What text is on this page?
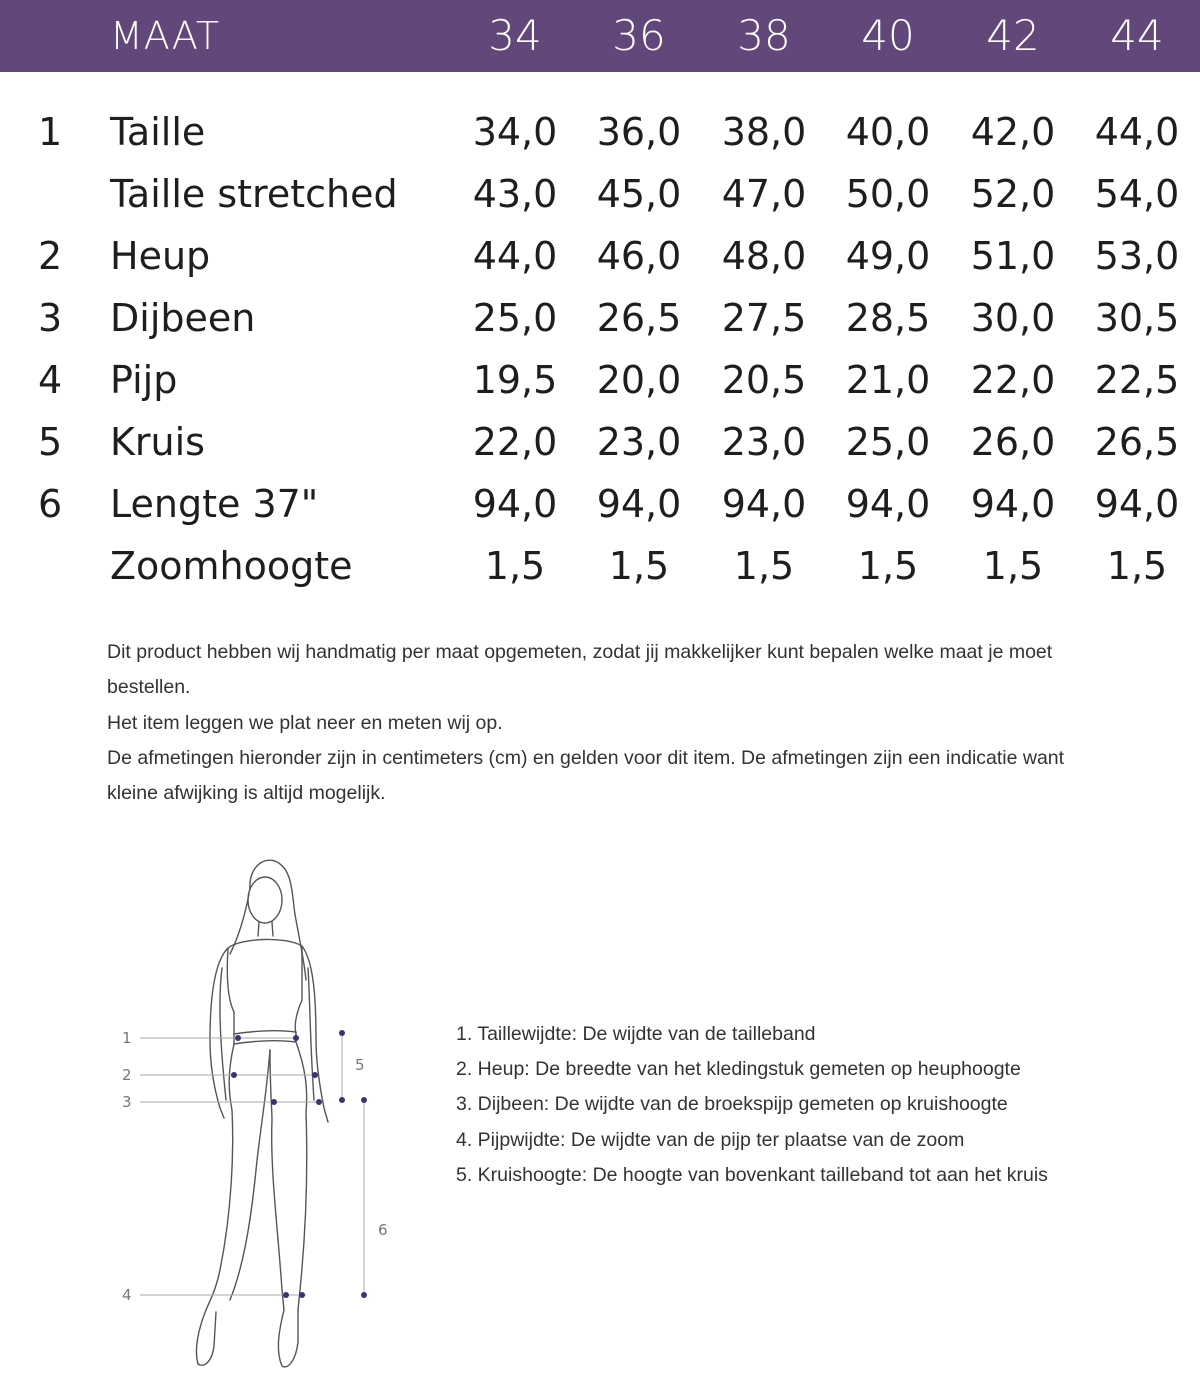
MAAT	34	36	38	40	42	44
1 Taille	34,0	36,0	38,0	40,0	42,0	44,0
Taille stretched	43,0	45,0	47,0	50,0	52,0	54,0
2 Heup	44,0	46,0	48,0	49,0	51,0	53,0
3 Dijbeen	25,0	26,5	27,5	28,5	30,0	30,5
4 Pijp	19,5	20,0	20,5	21,0	22,0	22,5
5 Kruis	22,0	23,0	23,0	25,0	26,0	26,5
6 Lengte 37"	94,0	94,0	94,0	94,0	94,0	94,0
Zoomhoogte	1,5	1,5	1,5	1,5	1,5	1,5

Dit product hebben wij handmatig per maat opgemeten, zodat jij makkelijker kunt bepalen welke maat je moet bestellen.

Het item leggen we plat neer en meten wij op.

De afmetingen hieronder zijn in centimeters (cm) en gelden voor dit item. De afmetingen zijn een indicatie want kleine afwijking is altijd mogelijk.

1
2
3
4
5
6

1. Taillewijdte: De wijdte van de tailleband

2. Heup: De breedte van het kledingstuk gemeten op heuphoogte

3. Dijbeen: De wijdte van de broekspijp gemeten op kruishoogte

4. Pijpwijdte: De wijdte van de pijp ter plaatse van de zoom

5. Kruishoogte: De hoogte van bovenkant tailleband tot aan het kruis
